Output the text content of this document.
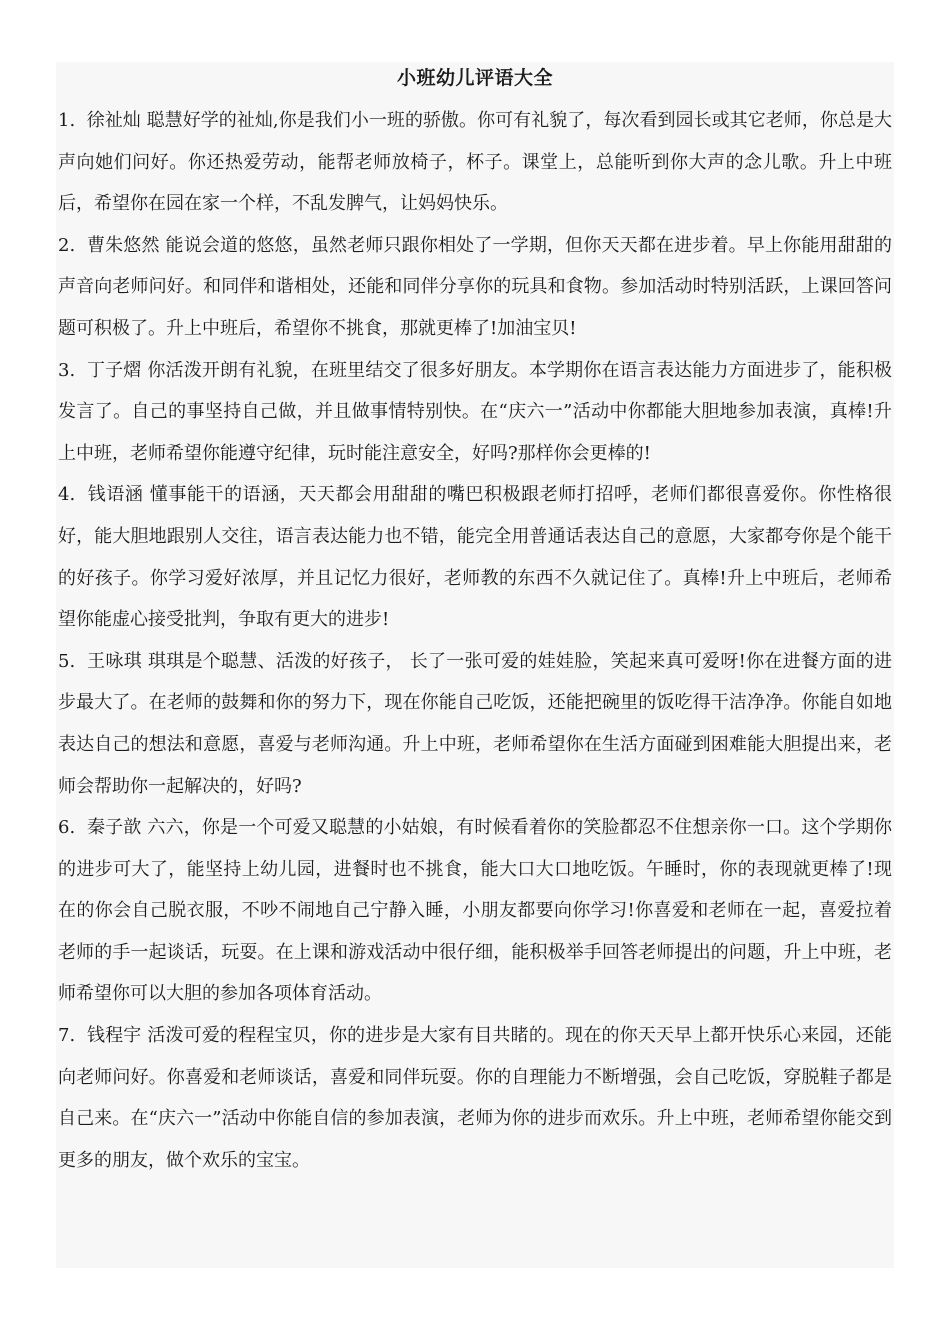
小班幼儿评语大全

1. 徐祉灿 聪慧好学的祉灿,你是我们小一班的骄傲。你可有礼貌了，每次看到园长或其它老师，你总是大声向她们问好。你还热爱劳动，能帮老师放椅子，杯子。课堂上，总能听到你大声的念儿歌。升上中班后，希望你在园在家一个样，不乱发脾气，让妈妈快乐。

2. 曹朱悠然 能说会道的悠悠，虽然老师只跟你相处了一学期，但你天天都在进步着。早上你能用甜甜的声音向老师问好。和同伴和谐相处，还能和同伴分享你的玩具和食物。参加活动时特别活跃，上课回答问题可积极了。升上中班后，希望你不挑食，那就更棒了!加油宝贝!

3. 丁子熠 你活泼开朗有礼貌，在班里结交了很多好朋友。本学期你在语言表达能力方面进步了，能积极发言了。自己的事坚持自己做，并且做事情特别快。在“庆六一”活动中你都能大胆地参加表演，真棒!升上中班，老师希望你能遵守纪律，玩时能注意安全，好吗?那样你会更棒的!

4. 钱语涵 懂事能干的语涵，天天都会用甜甜的嘴巴积极跟老师打招呼，老师们都很喜爱你。你性格很好，能大胆地跟别人交往，语言表达能力也不错，能完全用普通话表达自己的意愿，大家都夸你是个能干的好孩子。你学习爱好浓厚，并且记忆力很好，老师教的东西不久就记住了。真棒!升上中班后，老师希望你能虚心接受批判，争取有更大的进步!

5. 王咏琪 琪琪是个聪慧、活泼的好孩子， 长了一张可爱的娃娃脸，笑起来真可爱呀!你在进餐方面的进步最大了。在老师的鼓舞和你的努力下，现在你能自己吃饭，还能把碗里的饭吃得干洁净净。你能自如地表达自己的想法和意愿，喜爱与老师沟通。升上中班，老师希望你在生活方面碰到困难能大胆提出来，老师会帮助你一起解决的，好吗?

6. 秦子歆 六六，你是一个可爱又聪慧的小姑娘，有时候看着你的笑脸都忍不住想亲你一口。这个学期你的进步可大了，能坚持上幼儿园，进餐时也不挑食，能大口大口地吃饭。午睡时，你的表现就更棒了!现在的你会自己脱衣服，不吵不闹地自己宁静入睡，小朋友都要向你学习!你喜爱和老师在一起，喜爱拉着老师的手一起谈话，玩耍。在上课和游戏活动中很仔细，能积极举手回答老师提出的问题，升上中班，老师希望你可以大胆的参加各项体育活动。

7. 钱程宇 活泼可爱的程程宝贝，你的进步是大家有目共睹的。现在的你天天早上都开快乐心来园，还能向老师问好。你喜爱和老师谈话，喜爱和同伴玩耍。你的自理能力不断增强，会自己吃饭，穿脱鞋子都是自己来。在“庆六一”活动中你能自信的参加表演，老师为你的进步而欢乐。升上中班，老师希望你能交到更多的朋友，做个欢乐的宝宝。
